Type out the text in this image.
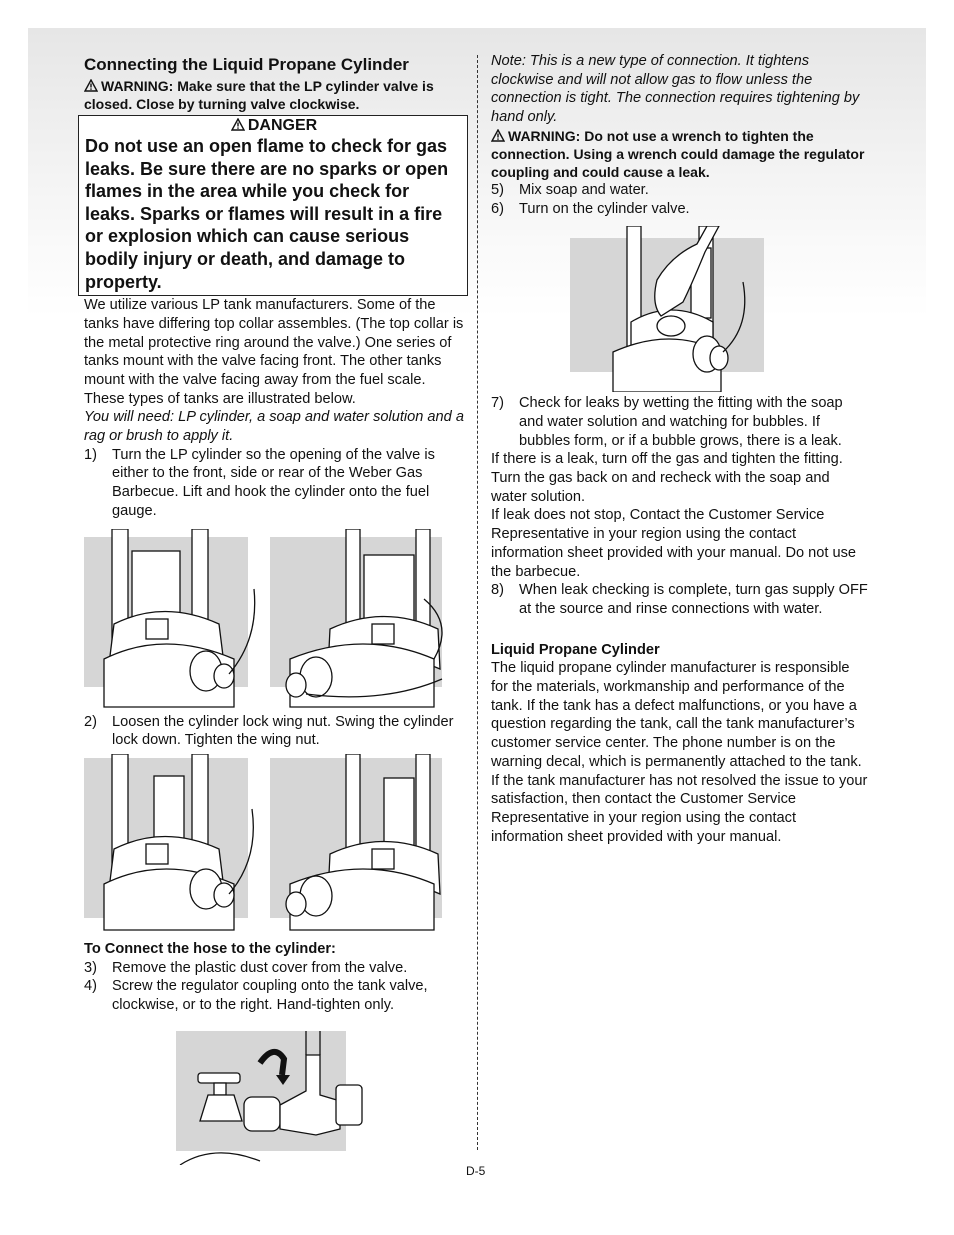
Connecting the Liquid Propane Cylinder
WARNING: Make sure that the LP cylinder valve is closed. Close by turning valve clockwise.
DANGER
Do not use an open flame to check for gas leaks. Be sure there are no sparks or open flames in the area while you check for leaks. Sparks or flames will result in a fire or explosion which can cause serious bodily injury or death, and damage to property.

We utilize various LP tank manufacturers. Some of the tanks have differing top collar assembles. (The top collar is the metal protective ring around the valve.) One series of tanks mount with the valve facing front. The other tanks mount with the valve facing away from the fuel scale. These types of tanks are illustrated below.

You will need: LP cylinder, a soap and water solution and a rag or brush to apply it.

1)	Turn the LP cylinder so the opening of the valve is either to the front, side or rear of the Weber Gas Barbecue. Lift and hook the cylinder onto the fuel gauge.
2)	Loosen the cylinder lock wing nut. Swing the cylinder lock down. Tighten the wing nut.
To Connect the hose to the cylinder:
3)	Remove the plastic dust cover from the valve.
4)	Screw the regulator coupling onto the tank valve, clockwise, or to the right. Hand-tighten only.

Note: This is a new type of connection. It tightens clockwise and will not allow gas to flow unless the connection is tight. The connection requires tightening by hand only.

WARNING: Do not use a wrench to tighten the connection. Using a wrench could damage the regulator coupling and could cause a leak.
5)	Mix soap and water.
6)	Turn on the cylinder valve.
7)	Check for leaks by wetting the fitting with the soap and water solution and watching for bubbles. If bubbles form, or if a bubble grows, there is a leak.

If there is a leak, turn off the gas and tighten the fitting. Turn the gas back on and recheck with the soap and water solution.

If leak does not stop, Contact the Customer Service Representative in your region using the contact information sheet provided with your manual. Do not use the barbecue.

8)	When leak checking is complete, turn gas supply OFF at the source and rinse connections with water.
Liquid Propane Cylinder

The liquid propane cylinder manufacturer is responsible for the materials, workmanship and performance of the tank. If the tank has a defect malfunctions, or you have a question regarding the tank, call the tank manufacturer’s customer service center. The phone number is on the warning decal, which is permanently attached to the tank. If the tank manufacturer has not resolved the issue to your satisfaction, then contact the Customer Service Representative in your region using the contact information sheet provided with your manual.

D-5
